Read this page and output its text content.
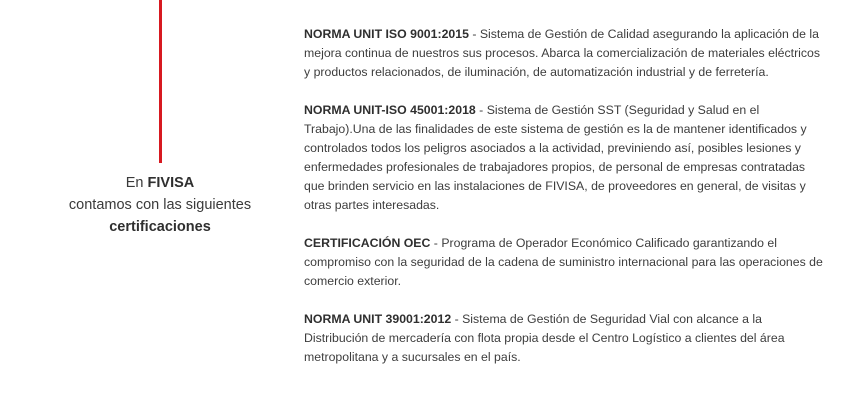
En FIVISA
contamos con las siguientes
certificaciones

NORMA UNIT ISO 9001:2015 - Sistema de Gestión de Calidad asegurando la aplicación de la mejora continua de nuestros sus procesos. Abarca la comercialización de materiales eléctricos y productos relacionados, de iluminación, de automatización industrial y de ferretería.

NORMA UNIT-ISO 45001:2018 - Sistema de Gestión SST (Seguridad y Salud en el Trabajo).Una de las finalidades de este sistema de gestión es la de mantener identificados y controlados todos los peligros asociados a la actividad, previniendo así, posibles lesiones y enfermedades profesionales de trabajadores propios, de personal de empresas contratadas que brinden servicio en las instalaciones de FIVISA, de proveedores en general, de visitas y otras partes interesadas.

CERTIFICACIÓN OEC - Programa de Operador Económico Calificado garantizando el compromiso con la seguridad de la cadena de suministro internacional para las operaciones de comercio exterior.

NORMA UNIT 39001:2012 - Sistema de Gestión de Seguridad Vial con alcance a la Distribución de mercadería con flota propia desde el Centro Logístico a clientes del área metropolitana y a sucursales en el país.
